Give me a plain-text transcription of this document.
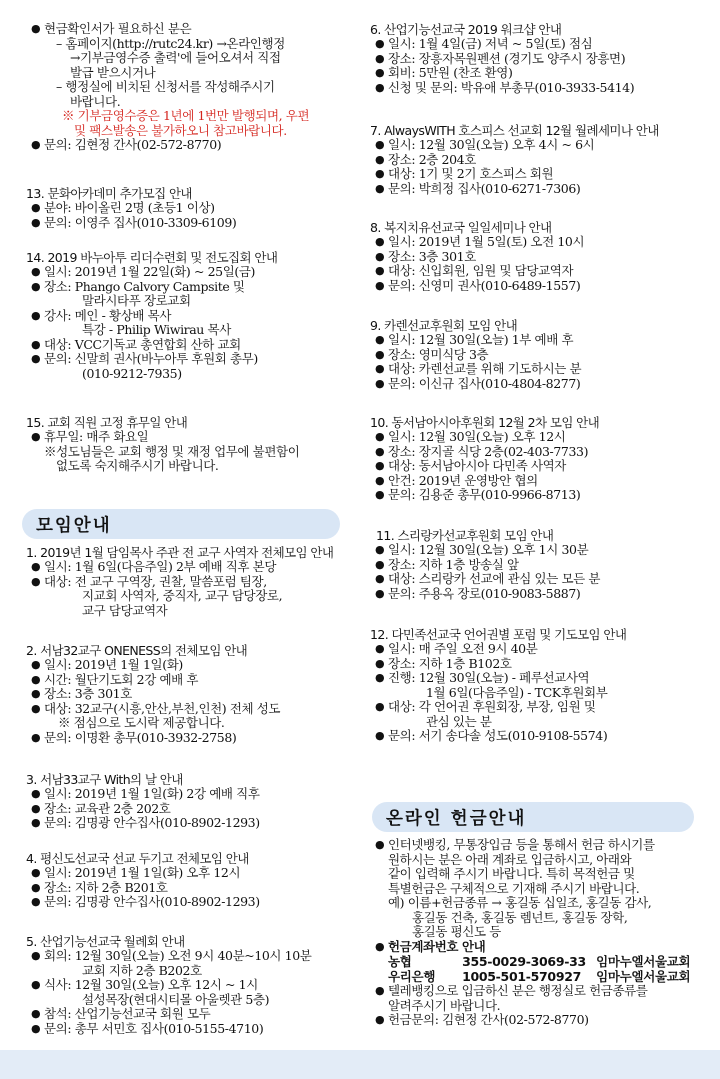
● 현금확인서가 필요하신 분은
– 홈페이지(http://rutc24.kr) →온라인행정
→기부금영수증 출력'에 들어오셔서 직접
발급 받으시거나
– 행정실에 비치된 신청서를 작성해주시기
바랍니다.
※ 기부금영수증은 1년에 1번만 발행되며, 우편
및 팩스발송은 불가하오니 참고바랍니다.
● 문의: 김현정 간사(02-572-8770)
13. 문화아카데미 추가모집 안내
● 분야: 바이올린 2명 (초등1 이상)
● 문의: 이영주 집사(010-3309-6109)
14. 2019 바누아투 리더수련회 및 전도집회 안내
● 일시: 2019년 1월 22일(화) ~ 25일(금)
● 장소: Phango Calvory Campsite 및
말라시타푸 장로교회
● 강사: 메인 - 황상배 목사
특강 - Philip Wiwirau 목사
● 대상: VCC기독교 총연합회 산하 교회
● 문의: 신말희 권사(바누아투 후원회 총무)
(010-9212-7935)
15. 교회 직원 고정 휴무일 안내
● 휴무일: 매주 화요일
※성도님들은 교회 행정 및 재정 업무에 불편함이
없도록 숙지해주시기 바랍니다.
모임안내
1. 2019년 1월 담임목사 주관 전 교구 사역자 전체모임 안내
● 일시: 1월 6일(다음주일) 2부 예배 직후 본당
● 대상: 전 교구 구역장, 권찰, 말씀포럼 팀장,
지교회 사역자, 중직자, 교구 담당장로,
교구 담당교역자
2. 서남32교구 ONENESS의 전체모임 안내
● 일시: 2019년 1월 1일(화)
● 시간: 월단기도회 2강 예배 후
● 장소: 3층 301호
● 대상: 32교구(시흥,안산,부천,인천) 전체 성도
※ 점심으로 도시락 제공합니다.
● 문의: 이명환 총무(010-3932-2758)
3. 서남33교구 With의 날 안내
● 일시: 2019년 1월 1일(화) 2강 예배 직후
● 장소: 교육관 2층 202호
● 문의: 김명광 안수집사(010-8902-1293)
4. 평신도선교국 선교 두기고 전체모임 안내
● 일시: 2019년 1월 1일(화) 오후 12시
● 장소: 지하 2층 B201호
● 문의: 김명광 안수집사(010-8902-1293)
5. 산업기능선교국 월례회 안내
● 회의: 12월 30일(오늘) 오전 9시 40분~10시 10분
교회 지하 2층 B202호
● 식사: 12월 30일(오늘) 오후 12시 ~ 1시
설성목장(현대시티몰 아울렛관 5층)
● 참석: 산업기능선교국 회원 모두
● 문의: 총무 서민호 집사(010-5155-4710)
6. 산업기능선교국 2019 워크샵 안내
● 일시: 1월 4일(금) 저녁 ~ 5일(토) 점심
● 장소: 장흥자목원펜션 (경기도 양주시 장흥면)
● 회비: 5만원 (찬조 환영)
● 신청 및 문의: 박유애 부총무(010-3933-5414)
7. AlwaysWITH 호스피스 선교회 12월 월례세미나 안내
● 일시: 12월 30일(오늘) 오후 4시 ~ 6시
● 장소: 2층 204호
● 대상: 1기 및 2기 호스피스 회원
● 문의: 박희정 집사(010-6271-7306)
8. 복지치유선교국 일일세미나 안내
● 일시: 2019년 1월 5일(토) 오전 10시
● 장소: 3층 301호
● 대상: 신입회원, 임원 및 담당교역자
● 문의: 신영미 권사(010-6489-1557)
9. 카렌선교후원회 모임 안내
● 일시: 12월 30일(오늘) 1부 예배 후
● 장소: 영미식당 3층
● 대상: 카렌선교를 위해 기도하시는 분
● 문의: 이신규 집사(010-4804-8277)
10. 동서남아시아후원회 12월 2차 모임 안내
● 일시: 12월 30일(오늘) 오후 12시
● 장소: 장지골 식당 2층(02-403-7733)
● 대상: 동서남아시아 다민족 사역자
● 안건: 2019년 운영방안 협의
● 문의: 김용준 총무(010-9966-8713)
11. 스리랑카선교후원회 모임 안내
● 일시: 12월 30일(오늘) 오후 1시 30분
● 장소: 지하 1층 방송실 앞
● 대상: 스리랑카 선교에 관심 있는 모든 분
● 문의: 주용옥 장로(010-9083-5887)
12. 다민족선교국 언어권별 포럼 및 기도모임 안내
● 일시: 매 주일 오전 9시 40분
● 장소: 지하 1층 B102호
● 진행: 12월 30일(오늘) - 페루선교사역
1월 6일(다음주일) - TCK후원회부
● 대상: 각 언어권 후원회장, 부장, 임원 및
관심 있는 분
● 문의: 서기 송다솔 성도(010-9108-5574)
온라인 헌금안내
● 인터넷뱅킹, 무통장입금 등을 통해서 헌금 하시기를
원하시는 분은 아래 계좌로 입금하시고, 아래와
같이 입력해 주시기 바랍니다. 특히 목적헌금 및
특별헌금은 구체적으로 기재해 주시기 바랍니다.
예) 이름+헌금종류 → 홍길동 십일조, 홍길동 감사,
홍길동 건축, 홍길동 렘넌트, 홍길동 장학,
홍길동 평신도 등
● 헌금계좌번호 안내
농협	355-0029-3069-33 임마누엘서울교회
우리은행 1005-501-570927 임마누엘서울교회
● 텔레뱅킹으로 입금하신 분은 행정실로 헌금종류를
알려주시기 바랍니다.
● 헌금문의: 김현정 간사(02-572-8770)
